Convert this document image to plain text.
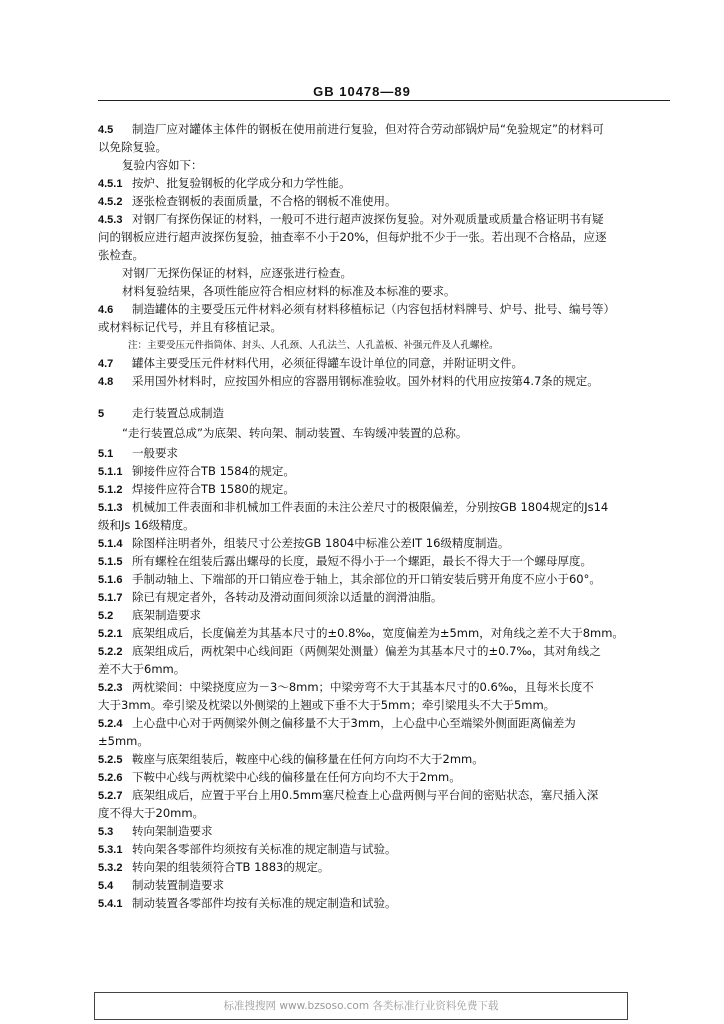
GB 10478—89
4.5 制造厂应对罐体主体件的钢板在使用前进行复验，但对符合劳动部锅炉局“免验规定”的材料可
以免除复验。
复验内容如下：
4.5.1 按炉、批复验钢板的化学成分和力学性能。
4.5.2 逐张检查钢板的表面质量，不合格的钢板不准使用。
4.5.3 对钢厂有探伤保证的材料，一般可不进行超声波探伤复验。对外观质量或质量合格证明书有疑
问的钢板应进行超声波探伤复验，抽查率不小于20%，但每炉批不少于一张。若出现不合格品，应逐
张检查。
对钢厂无探伤保证的材料，应逐张进行检查。
材料复验结果，各项性能应符合相应材料的标准及本标准的要求。
4.6 制造罐体的主要受压元件材料必须有材料移植标记（内容包括材料牌号、炉号、批号、编号等）
或材料标记代号，并且有移植记录。
注：主要受压元件指筒体、封头、人孔颈、人孔法兰、人孔盖板、补强元件及人孔螺栓。
4.7 罐体主要受压元件材料代用，必须征得罐车设计单位的同意，并附证明文件。
4.8 采用国外材料时，应按国外相应的容器用钢标准验收。国外材料的代用应按第4.7条的规定。
5 走行装置总成制造
“走行装置总成”为底架、转向架、制动装置、车钩缓冲装置的总称。
5.1 一般要求
5.1.1 铆接件应符合TB 1584的规定。
5.1.2 焊接件应符合TB 1580的规定。
5.1.3 机械加工件表面和非机械加工件表面的未注公差尺寸的极限偏差，分别按GB 1804规定的Js14
级和Js 16级精度。
5.1.4 除图样注明者外，组装尺寸公差按GB 1804中标准公差IT 16级精度制造。
5.1.5 所有螺栓在组装后露出螺母的长度，最短不得小于一个螺距，最长不得大于一个螺母厚度。
5.1.6 手制动轴上、下端部的开口销应卷于轴上，其余部位的开口销安装后劈开角度不应小于60°。
5.1.7 除已有规定者外，各转动及滑动面间须涂以适量的润滑油脂。
5.2 底架制造要求
5.2.1 底架组成后，长度偏差为其基本尺寸的±0.8‰，宽度偏差为±5mm，对角线之差不大于8mm。
5.2.2 底架组成后，两枕架中心线间距（两侧架处测量）偏差为其基本尺寸的±0.7‰，其对角线之
差不大于6mm。
5.2.3 两枕梁间：中梁挠度应为－3～8mm；中梁旁弯不大于其基本尺寸的0.6‰，且每米长度不
大于3mm。牵引梁及枕梁以外侧梁的上翘或下垂不大于5mm；牵引梁甩头不大于5mm。
5.2.4 上心盘中心对于两侧梁外侧之偏移量不大于3mm，上心盘中心至端梁外侧面距离偏差为
±5mm。
5.2.5 鞍座与底架组装后，鞍座中心线的偏移量在任何方向均不大于2mm。
5.2.6 下鞍中心线与两枕梁中心线的偏移量在任何方向均不大于2mm。
5.2.7 底架组成后，应置于平台上用0.5mm塞尺检查上心盘两侧与平台间的密贴状态，塞尺插入深
度不得大于20mm。
5.3 转向架制造要求
5.3.1 转向架各零部件均须按有关标准的规定制造与试验。
5.3.2 转向架的组装须符合TB 1883的规定。
5.4 制动装置制造要求
5.4.1 制动装置各零部件均按有关标准的规定制造和试验。
标准搜搜网 www.bzsoso.com 各类标准行业资料免费下载
